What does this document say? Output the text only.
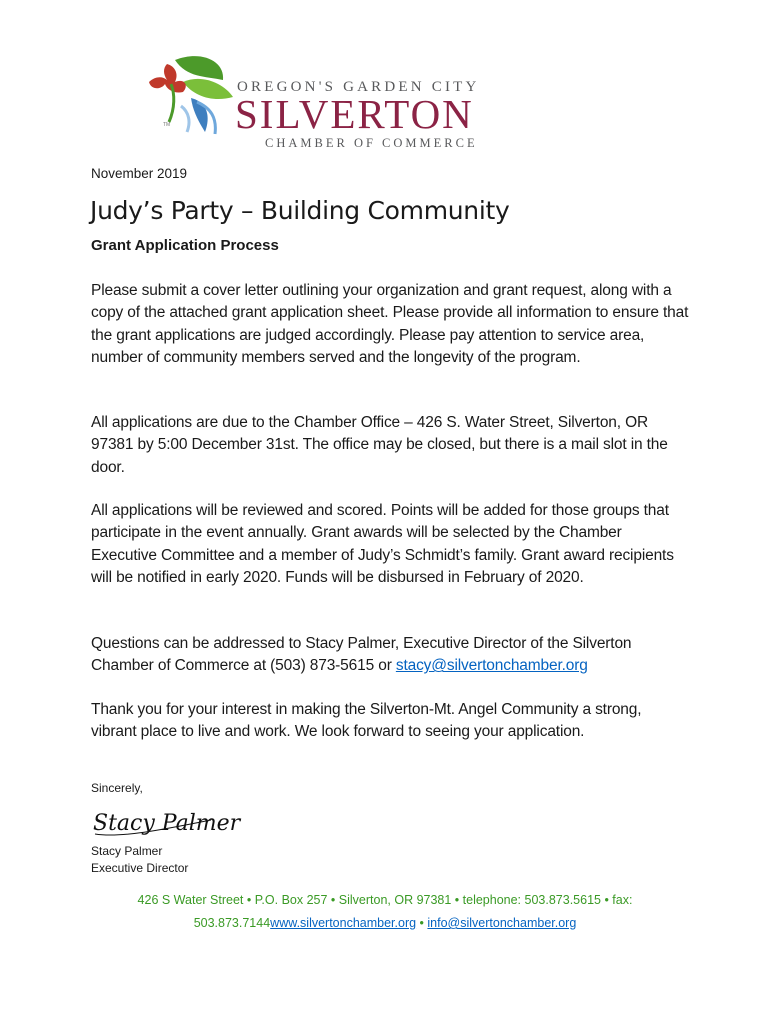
TM
OREGON'S GARDEN CITY
SILVERTON
CHAMBER OF COMMERCE
November 2019
Judy’s Party – Building Community
Grant Application Process

Please submit a cover letter outlining your organization and grant request, along with a copy of the attached grant application sheet. Please provide all information to ensure that the grant applications are judged accordingly. Please pay attention to service area, number of community members served and the longevity of the program.

All applications are due to the Chamber Office – 426 S. Water Street, Silverton, OR 97381 by 5:00 December 31st. The office may be closed, but there is a mail slot in the door.

All applications will be reviewed and scored. Points will be added for those groups that participate in the event annually. Grant awards will be selected by the Chamber Executive Committee and a member of Judy’s Schmidt’s family. Grant award recipients will be notified in early 2020. Funds will be disbursed in February of 2020.

Questions can be addressed to Stacy Palmer, Executive Director of the Silverton Chamber of Commerce at (503) 873-5615 or stacy@silvertonchamber.org

Thank you for your interest in making the Silverton-Mt. Angel Community a strong, vibrant place to live and work. We look forward to seeing your application.

Sincerely,
Stacy Palmer
Stacy Palmer
Executive Director
426 S Water Street • P.O. Box 257 • Silverton, OR 97381 • telephone: 503.873.5615 • fax:
503.873.7144www.silvertonchamber.org • info@silvertonchamber.org
